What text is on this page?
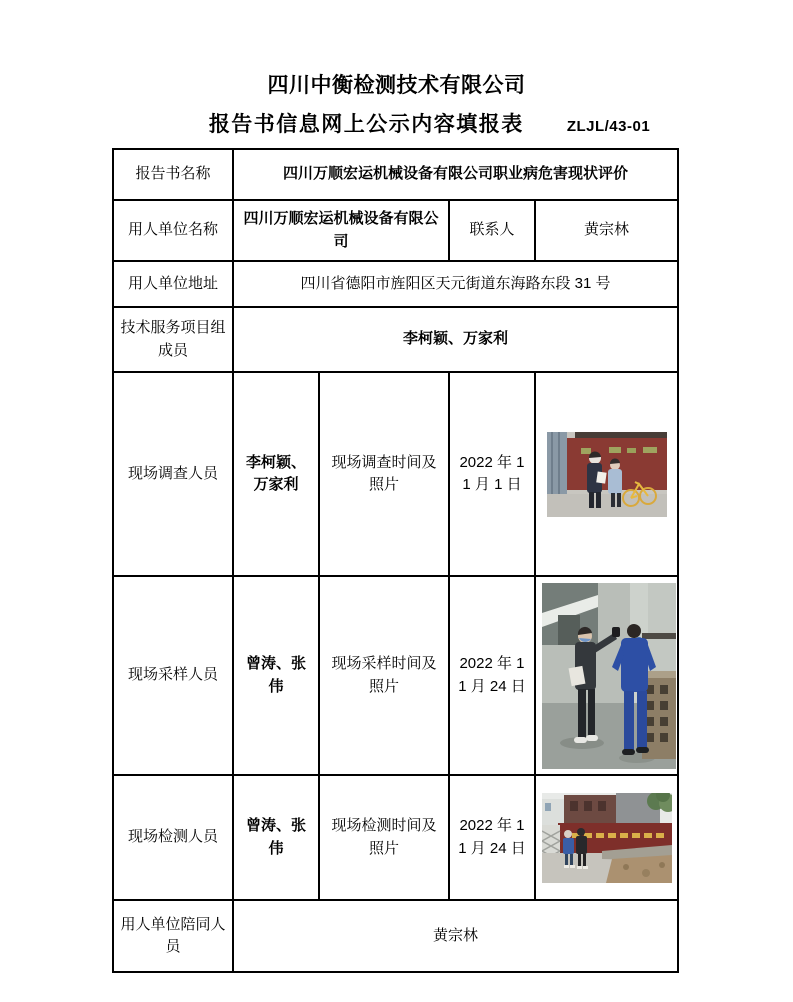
四川中衡检测技术有限公司
报告书信息网上公示内容填报表	ZLJL/43-01
报告书名称	四川万顺宏运机械设备有限公司职业病危害现状评价			
用人单位名称	四川万顺宏运机械设备有限公司		联系人	黄宗林
用人单位地址	四川省德阳市旌阳区天元街道东海路东段 31 号			
技术服务项目组成员	李柯颖、万家利			
现场调查人员	李柯颖、万家利	现场调查时间及照片	2022 年 11 月 1 日	
现场采样人员	曾涛、张伟	现场采样时间及照片	2022 年 11 月 24 日	
现场检测人员	曾涛、张伟	现场检测时间及照片	2022 年 11 月 24 日	
用人单位陪同人员	黄宗林			
